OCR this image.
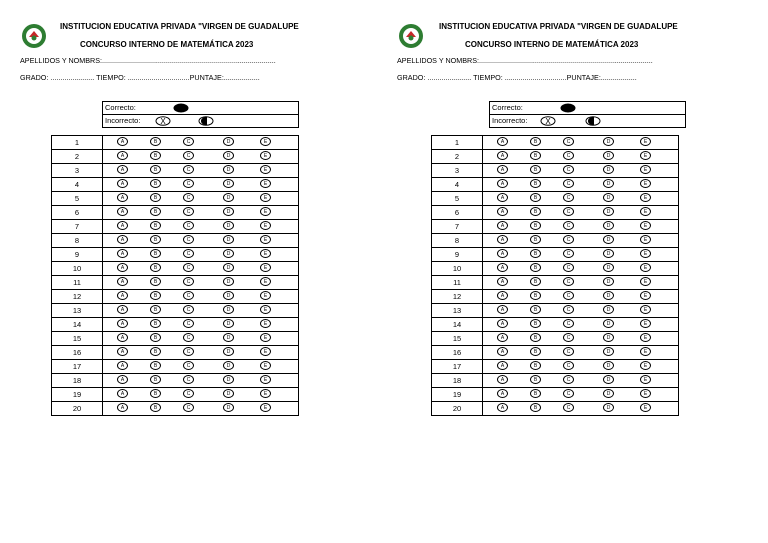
INSTITUCION EDUCATIVA PRIVADA "VIRGEN DE GUADALUPE
CONCURSO INTERNO DE MATEMÁTICA 2023
APELLIDOS Y NOMBRS:.......................................................................................
GRADO: ...................... TIEMPO: ...............................PUNTAJE:..................
Correcto:
Incorrecto: X
1	A B C D E

2	A B C D E

3	A B C D E

4	A B C D E

5	A B C D E

6	A B C D E

7	A B C D E

8	A B C D E

9	A B C D E

10	A B C D E

11	A B C D E

12	A B C D E

13	A B C D E

14	A B C D E

15	A B C D E

16	A B C D E

17	A B C D E

18	A B C D E

19	A B C D E

20	A B C D E
INSTITUCION EDUCATIVA PRIVADA "VIRGEN DE GUADALUPE
CONCURSO INTERNO DE MATEMÁTICA 2023
APELLIDOS Y NOMBRS:.......................................................................................
GRADO: ...................... TIEMPO: ...............................PUNTAJE:..................
Correcto:
Incorrecto: X
1	A B C D E

2	A B C D E

3	A B C D E

4	A B C D E

5	A B C D E

6	A B C D E

7	A B C D E

8	A B C D E

9	A B C D E

10	A B C D E

11	A B C D E

12	A B C D E

13	A B C D E

14	A B C D E

15	A B C D E

16	A B C D E

17	A B C D E

18	A B C D E

19	A B C D E

20	A B C D E
